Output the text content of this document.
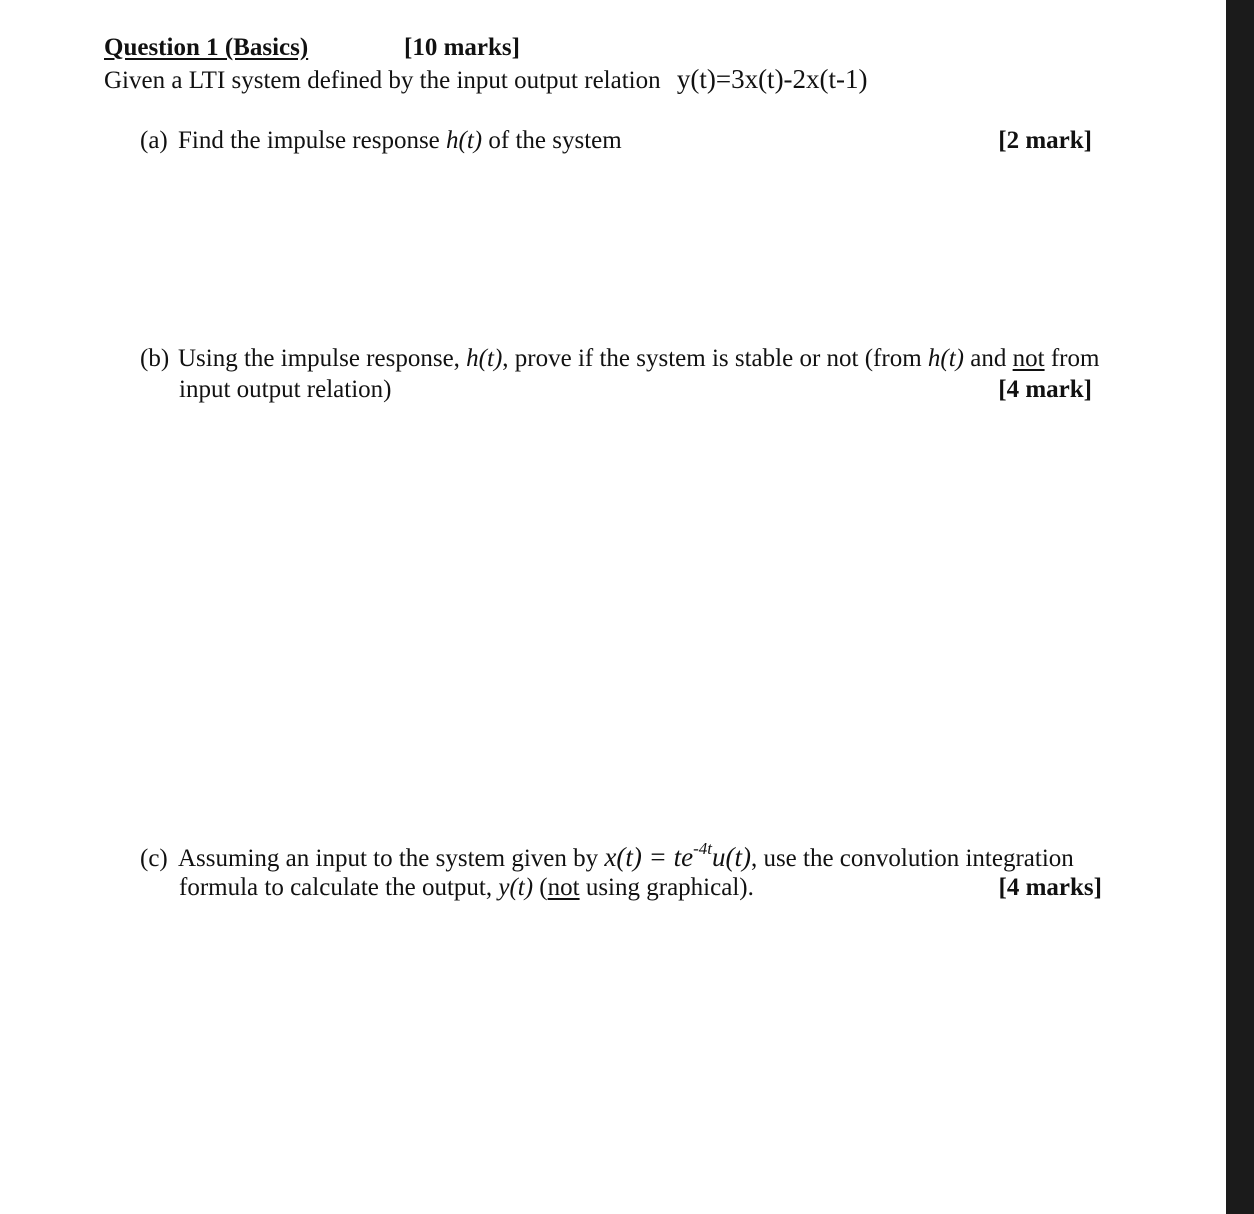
Question 1 (Basics)	[10 marks]
Given a LTI system defined by the input output relation y(t)=3x(t)-2x(t-1)
(a) Find the impulse response h(t) of the system	[2 mark]
(b) Using the impulse response, h(t), prove if the system is stable or not (from h(t) and not from
input output relation)	[4 mark]
(c) Assuming an input to the system given by $x(t) = te^{-4t}u(t)$, use the convolution integration
formula to calculate the output, y(t) (not using graphical).	[4 marks]
